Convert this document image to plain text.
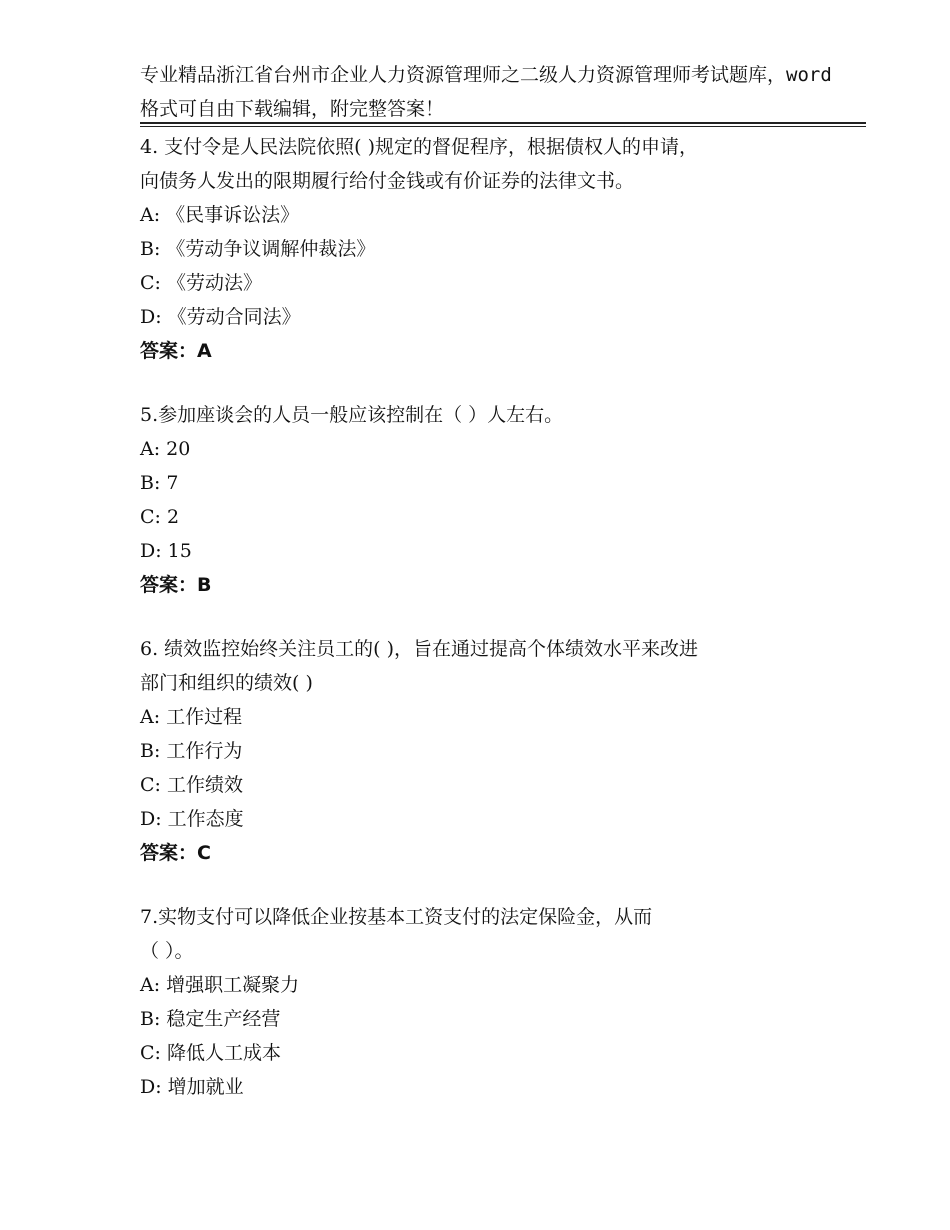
专业精品浙江省台州市企业人力资源管理师之二级人力资源管理师考试题库，word
格式可自由下载编辑，附完整答案！
4. 支付令是人民法院依照( )规定的督促程序，根据债权人的申请，
向债务人发出的限期履行给付金钱或有价证券的法律文书。
A: 《民事诉讼法》
B: 《劳动争议调解仲裁法》
C: 《劳动法》
D: 《劳动合同法》
答案：A
5.参加座谈会的人员一般应该控制在（ ）人左右。
A: 20
B: 7
C: 2
D: 15
答案：B
6. 绩效监控始终关注员工的( )，旨在通过提高个体绩效水平来改进
部门和组织的绩效( )
A: 工作过程
B: 工作行为
C: 工作绩效
D: 工作态度
答案：C
7.实物支付可以降低企业按基本工资支付的法定保险金，从而
（ ）。
A: 增强职工凝聚力
B: 稳定生产经营
C: 降低人工成本
D: 增加就业
